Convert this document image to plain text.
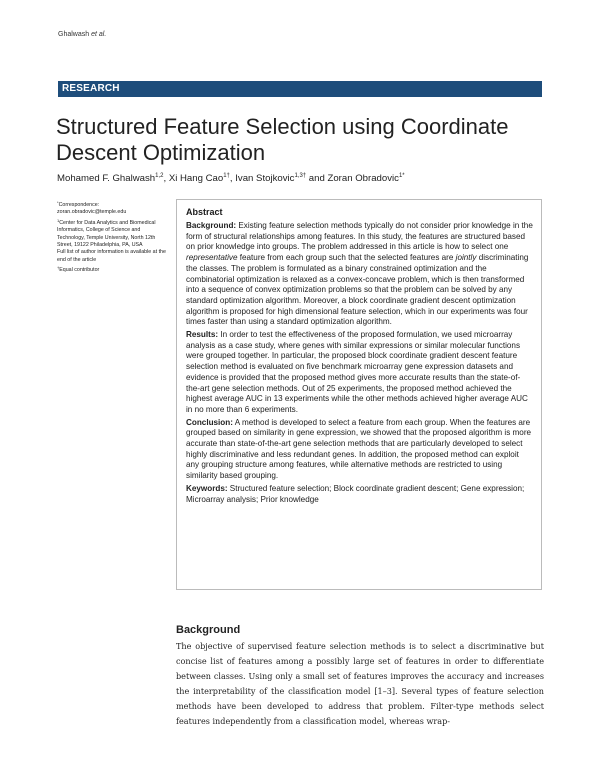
Ghalwash et al.
RESEARCH
Structured Feature Selection using Coordinate Descent Optimization
Mohamed F. Ghalwash$^{1,2}$, Xi Hang Cao$^{1\dagger}$, Ivan Stojkovic$^{1,3\dagger}$ and Zoran Obradovic$^{1*}$

*Correspondence:

zoran.obradovic@temple.edu

$^1$Center for Data Analytics and Biomedical Informatics, College of Science and Technology, Temple University, North 12th Street, 19122 Philadelphia, PA, USA

Full list of author information is available at the end of the article

†Equal contributor

Abstract

Background: Existing feature selection methods typically do not consider prior knowledge in the form of structural relationships among features. In this study, the features are structured based on prior knowledge into groups. The problem addressed in this article is how to select one representative feature from each group such that the selected features are jointly discriminating the classes. The problem is formulated as a binary constrained optimization and the combinatorial optimization is relaxed as a convex-concave problem, which is then transformed into a sequence of convex optimization problems so that the problem can be solved by any standard optimization algorithm. Moreover, a block coordinate gradient descent optimization algorithm is proposed for high dimensional feature selection, which in our experiments was four times faster than using a standard optimization algorithm.

Results: In order to test the effectiveness of the proposed formulation, we used microarray analysis as a case study, where genes with similar expressions or similar molecular functions were grouped together. In particular, the proposed block coordinate gradient descent feature selection method is evaluated on five benchmark microarray gene expression datasets and evidence is provided that the proposed method gives more accurate results than the state-of-the-art gene selection methods. Out of 25 experiments, the proposed method achieved the highest average AUC in 13 experiments while the other methods achieved higher average AUC in no more than 6 experiments.

Conclusion: A method is developed to select a feature from each group. When the features are grouped based on similarity in gene expression, we showed that the proposed algorithm is more accurate than state-of-the-art gene selection methods that are particularly developed to select highly discriminative and less redundant genes. In addition, the proposed method can exploit any grouping structure among features, while alternative methods are restricted to using similarity based grouping.

Keywords: Structured feature selection; Block coordinate gradient descent; Gene expression; Microarray analysis; Prior knowledge

Background

The objective of supervised feature selection methods is to select a discriminative but concise list of features among a possibly large set of features in order to differentiate between classes. Using only a small set of features improves the accuracy and increases the interpretability of the classification model [1–3]. Several types of feature selection methods have been developed to address that problem. Filter-type methods select features independently from a classification model, whereas wrap-
